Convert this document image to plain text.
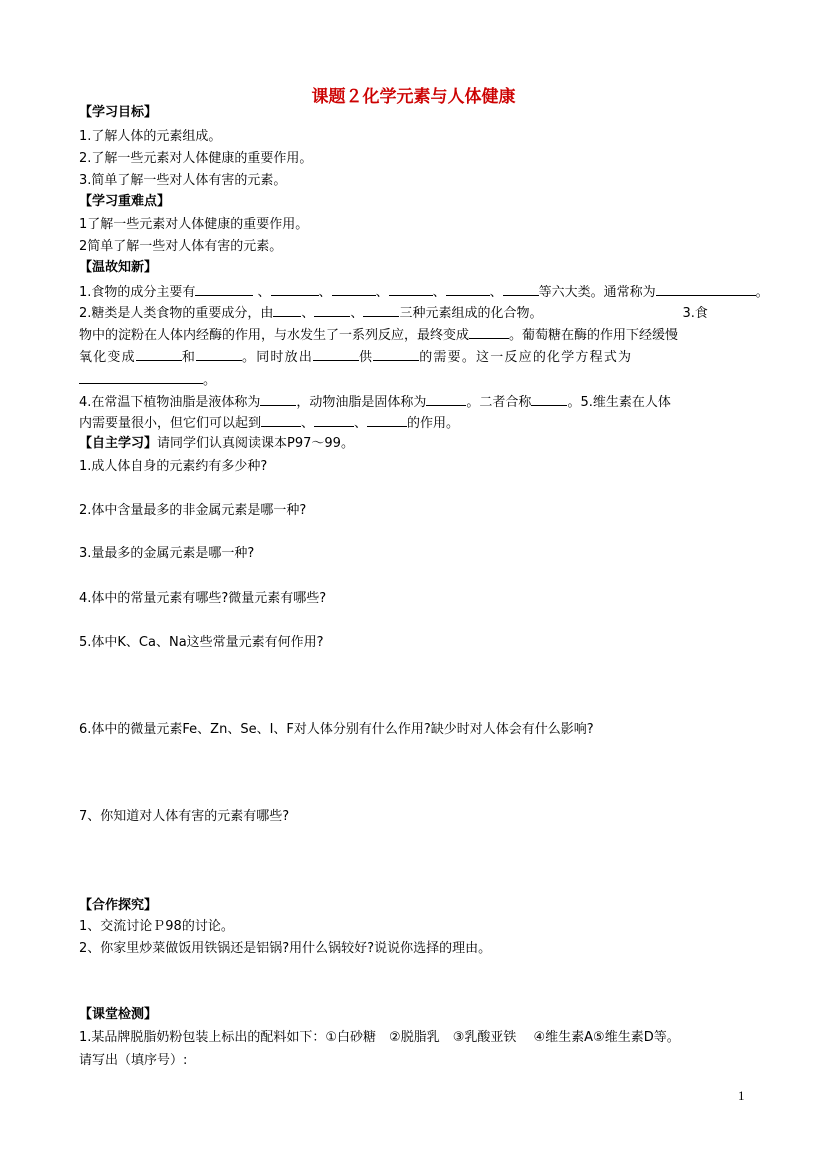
课题２化学元素与人体健康
【学习目标】
1.了解人体的元素组成。
2.了解一些元素对人体健康的重要作用。
3.简单了解一些对人体有害的元素。
【学习重难点】
1了解一些元素对人体健康的重要作用。
2简单了解一些对人体有害的元素。
【温故知新】
1.食物的成分主要有	、	、	、	、	、	等六大类。通常称为	。
2.糖类是人类食物的重要成分，由 、	、	三种元素组成的化合物。	3.食
物中的淀粉在人体内经酶的作用，与水发生了一系列反应，最终变成	。葡萄糖在酶的作用下经缓慢
氧化变成	和	。同时放出	供	的需要。这一反应的化学方程式为
。
4.在常温下植物油脂是液体称为	，动物油脂是固体称为	。二者合称	。5.维生素在人体
内需要量很小，但它们可以起到	、	、	的作用。
【自主学习】请同学们认真阅读课本P97～99。
1.成人体自身的元素约有多少种?
2.体中含量最多的非金属元素是哪一种?
3.量最多的金属元素是哪一种?
4.体中的常量元素有哪些?微量元素有哪些?
5.体中K、Ca、Na这些常量元素有何作用?
6.体中的微量元素Fe、Zn、Se、I、F对人体分别有什么作用?缺少时对人体会有什么影响?
7、你知道对人体有害的元素有哪些?
【合作探究】
1、交流讨论Ｐ98的讨论。
2、你家里炒菜做饭用铁锅还是铝锅?用什么锅较好?说说你选择的理由。
【课堂检测】
1.某品牌脱脂奶粉包装上标出的配料如下：①白砂糖　②脱脂乳　③乳酸亚铁　 ④维生素A⑤维生素D等。
请写出（填序号）:
1
